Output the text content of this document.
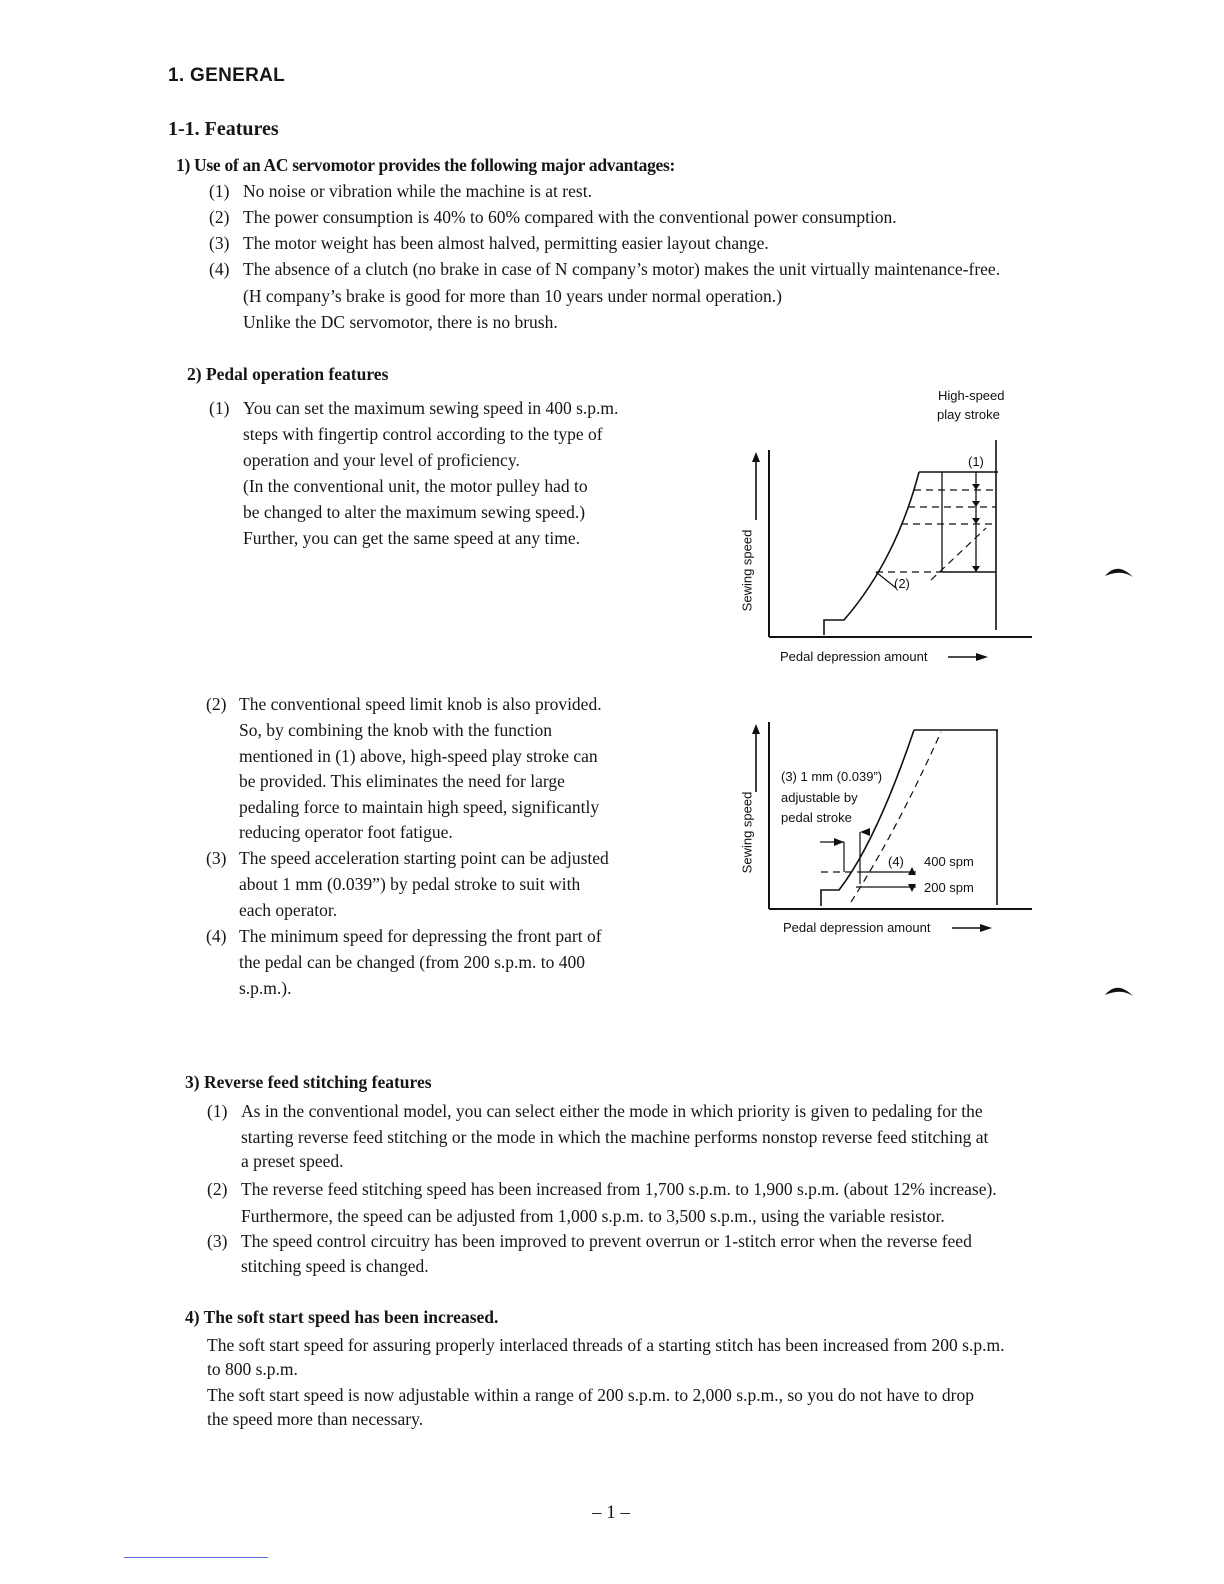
1. GENERAL
1-1. Features
1) Use of an AC servomotor provides the following major advantages:
(1) No noise or vibration while the machine is at rest.
(2) The power consumption is 40% to 60% compared with the conventional power consumption.
(3) The motor weight has been almost halved, permitting easier layout change.
(4) The absence of a clutch (no brake in case of N company’s motor) makes the unit virtually maintenance-free.
(H company’s brake is good for more than 10 years under normal operation.)
Unlike the DC servomotor, there is no brush.
2) Pedal operation features
(1) You can set the maximum sewing speed in 400 s.p.m.
steps with fingertip control according to the type of
operation and your level of proficiency.
(In the conventional unit, the motor pulley had to
be changed to alter the maximum sewing speed.)
Further, you can get the same speed at any time.
(2) The conventional speed limit knob is also provided.
So, by combining the knob with the function
mentioned in (1) above, high-speed play stroke can
be provided. This eliminates the need for large
pedaling force to maintain high speed, significantly
reducing operator foot fatigue.
(3) The speed acceleration starting point can be adjusted
about 1 mm (0.039”) by pedal stroke to suit with
each operator.
(4) The minimum speed for depressing the front part of
the pedal can be changed (from 200 s.p.m. to 400
s.p.m.).
High-speed
play stroke
(1)
(2)
Sewing speed
Pedal depression amount
(3) 1 mm (0.039”)
adjustable by
pedal stroke
(4) 400 spm
200 spm
Sewing speed
Pedal depression amount
3) Reverse feed stitching features
(1) As in the conventional model, you can select either the mode in which priority is given to pedaling for the
starting reverse feed stitching or the mode in which the machine performs nonstop reverse feed stitching at
a preset speed.
(2) The reverse feed stitching speed has been increased from 1,700 s.p.m. to 1,900 s.p.m. (about 12% increase).
Furthermore, the speed can be adjusted from 1,000 s.p.m. to 3,500 s.p.m., using the variable resistor.
(3) The speed control circuitry has been improved to prevent overrun or 1-stitch error when the reverse feed
stitching speed is changed.
4) The soft start speed has been increased.
The soft start speed for assuring properly interlaced threads of a starting stitch has been increased from 200 s.p.m.
to 800 s.p.m.
The soft start speed is now adjustable within a range of 200 s.p.m. to 2,000 s.p.m., so you do not have to drop
the speed more than necessary.
– 1 –
